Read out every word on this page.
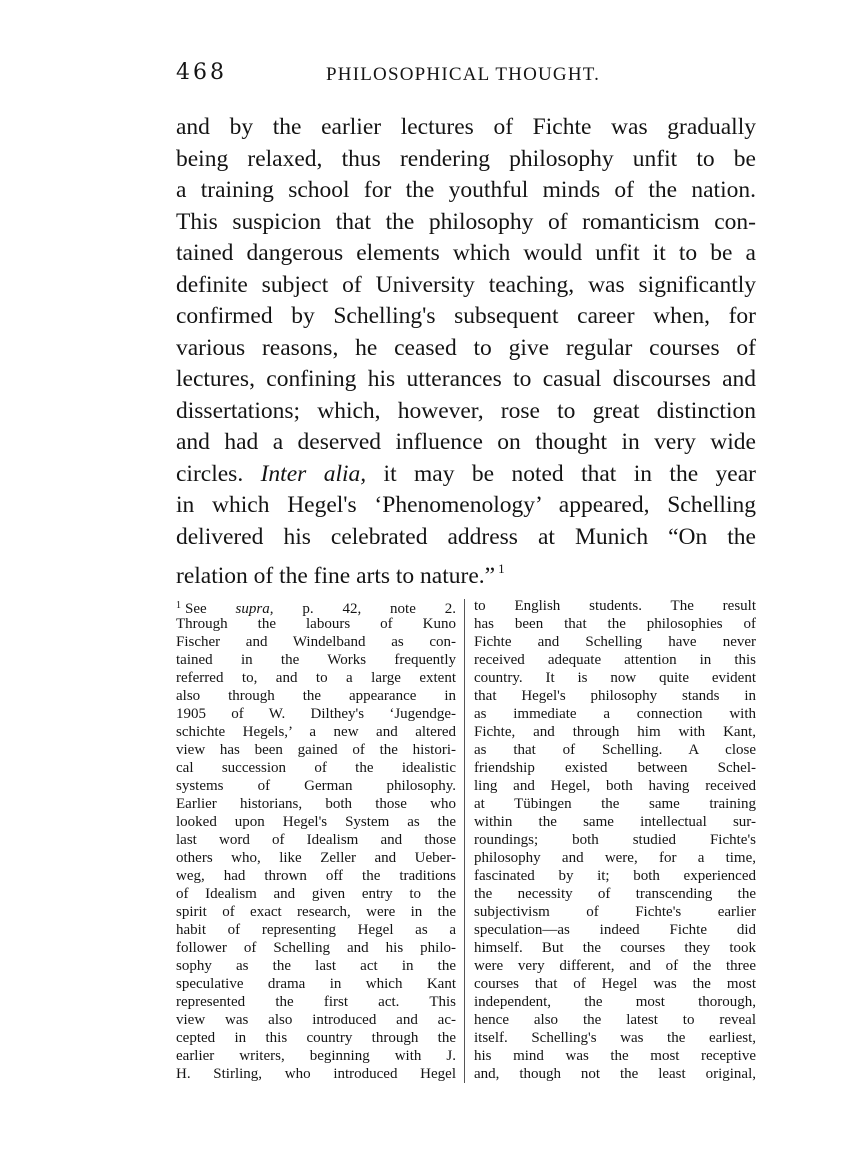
468	PHILOSOPHICAL THOUGHT.
and by the earlier lectures of Fichte was gradually
being relaxed, thus rendering philosophy unfit to be
a training school for the youthful minds of the nation.
This suspicion that the philosophy of romanticism con-
tained dangerous elements which would unfit it to be a
definite subject of University teaching, was significantly
confirmed by Schelling's subsequent career when, for
various reasons, he ceased to give regular courses of
lectures, confining his utterances to casual discourses and
dissertations; which, however, rose to great distinction
and had a deserved influence on thought in very wide
circles. Inter alia, it may be noted that in the year
in which Hegel's ‘Phenomenology’ appeared, Schelling
delivered his celebrated address at Munich “On the
relation of the fine arts to nature.” $^1$
$^1$ See supra, p. 42, note 2.
Through the labours of Kuno
Fischer and Windelband as con-
tained in the Works frequently
referred to, and to a large extent
also through the appearance in
1905 of W. Dilthey's ‘Jugendge-
schichte Hegels,’ a new and altered
view has been gained of the histori-
cal succession of the idealistic
systems of German philosophy.
Earlier historians, both those who
looked upon Hegel's System as the
last word of Idealism and those
others who, like Zeller and Ueber-
weg, had thrown off the traditions
of Idealism and given entry to the
spirit of exact research, were in the
habit of representing Hegel as a
follower of Schelling and his philo-
sophy as the last act in the
speculative drama in which Kant
represented the first act. This
view was also introduced and ac-
cepted in this country through the
earlier writers, beginning with J.
H. Stirling, who introduced Hegel
to English students. The result
has been that the philosophies of
Fichte and Schelling have never
received adequate attention in this
country. It is now quite evident
that Hegel's philosophy stands in
as immediate a connection with
Fichte, and through him with Kant,
as that of Schelling. A close
friendship existed between Schel-
ling and Hegel, both having received
at Tübingen the same training
within the same intellectual sur-
roundings; both studied Fichte's
philosophy and were, for a time,
fascinated by it; both experienced
the necessity of transcending the
subjectivism of Fichte's earlier
speculation—as indeed Fichte did
himself. But the courses they took
were very different, and of the three
courses that of Hegel was the most
independent, the most thorough,
hence also the latest to reveal
itself. Schelling's was the earliest,
his mind was the most receptive
and, though not the least original,
